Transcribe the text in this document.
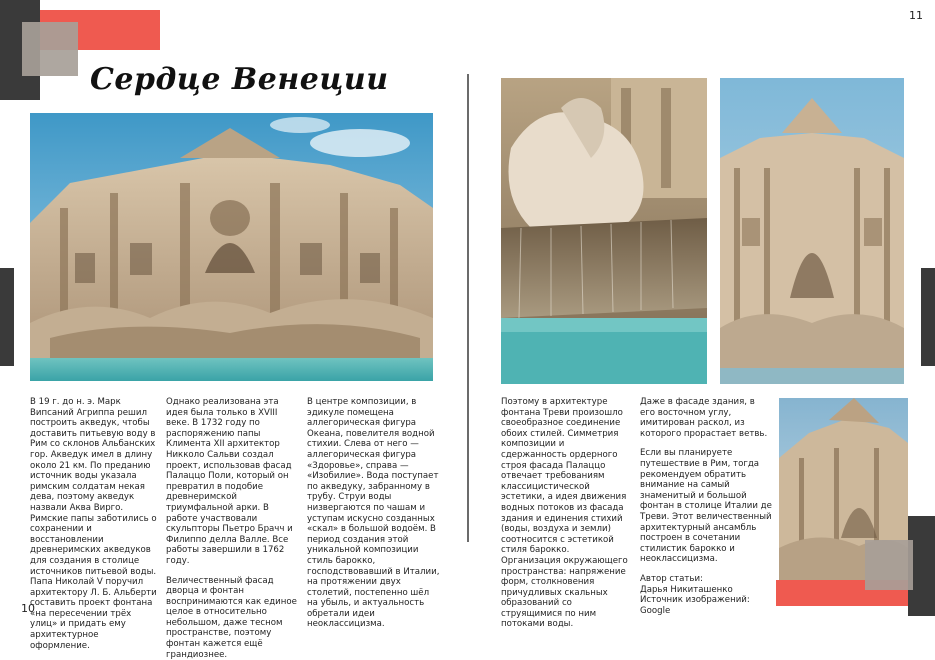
10
11
Сердце Венеции

В 19 г. до н. э. Марк Випсаний Агриппа решил построить акведук, чтобы доставить питьевую воду в Рим со склонов Альбанских гор. Акведук имел в длину около 21 км. По преданию источник воды указала римским солдатам некая дева, поэтому акведук назвали Аква Вирго. Римские папы заботились о сохранении и восстановлении древнеримских акведуков для создания в столице источников питьевой воды. Папа Николай V поручил архитектору Л. Б. Альберти составить проект фонтана «на пересечении трёх улиц» и придать ему архитектурное оформление.

Однако реализована эта идея была только в XVIII веке. В 1732 году по распоряжению папы Климента XII архитектор Никколо Сальви создал проект, использовав фасад Палаццо Поли, который он превратил в подобие древнеримской триумфальной арки. В работе участвовали скульпторы Пьетро Брачч и Филиппо делла Валле. Все работы завершили в 1762 году.

Величественный фасад дворца и фонтан воспринимаются как единое целое в относительно небольшом, даже тесном пространстве, поэтому фонтан кажется ещё грандиознее.

В центре композиции, в эдикуле помещена аллегорическая фигура Океана, повелителя водной стихии. Слева от него — аллегорическая фигура «Здоровье», справа — «Изобилие». Вода поступает по акведуку, забранному в трубу. Струи воды низвергаются по чашам и уступам искусно созданных «скал» в большой водоём. В период создания этой уникальной композиции стиль барокко, господствовавший в Италии, на протяжении двух столетий, постепенно шёл на убыль, и актуальность обретали идеи неоклассицизма.

Поэтому в архитектуре фонтана Треви произошло своеобразное соединение обоих стилей. Симметрия композиции и сдержанность ордерного строя фасада Палаццо отвечает требованиям классицистической эстетики, а идея движения водных потоков из фасада здания и единения стихий (воды, воздуха и земли) соотносится с эстетикой стиля барокко. Организация окружающего пространства: напряжение форм, столкновения причудливых скальных образований со струящимися по ним потоками воды.

Даже в фасаде здания, в его восточном углу, имитирован раскол, из которого прорастает ветвь.

Если вы планируете путешествие в Рим, тогда рекомендуем обратить внимание на самый знаменитый и большой фонтан в столице Италии де Треви. Этот величественный архитектурный ансамбль построен в сочетании стилистик барокко и неоклассицизма.

Автор статьи:
Дарья Никиташенко
Источник изображений:
Google
